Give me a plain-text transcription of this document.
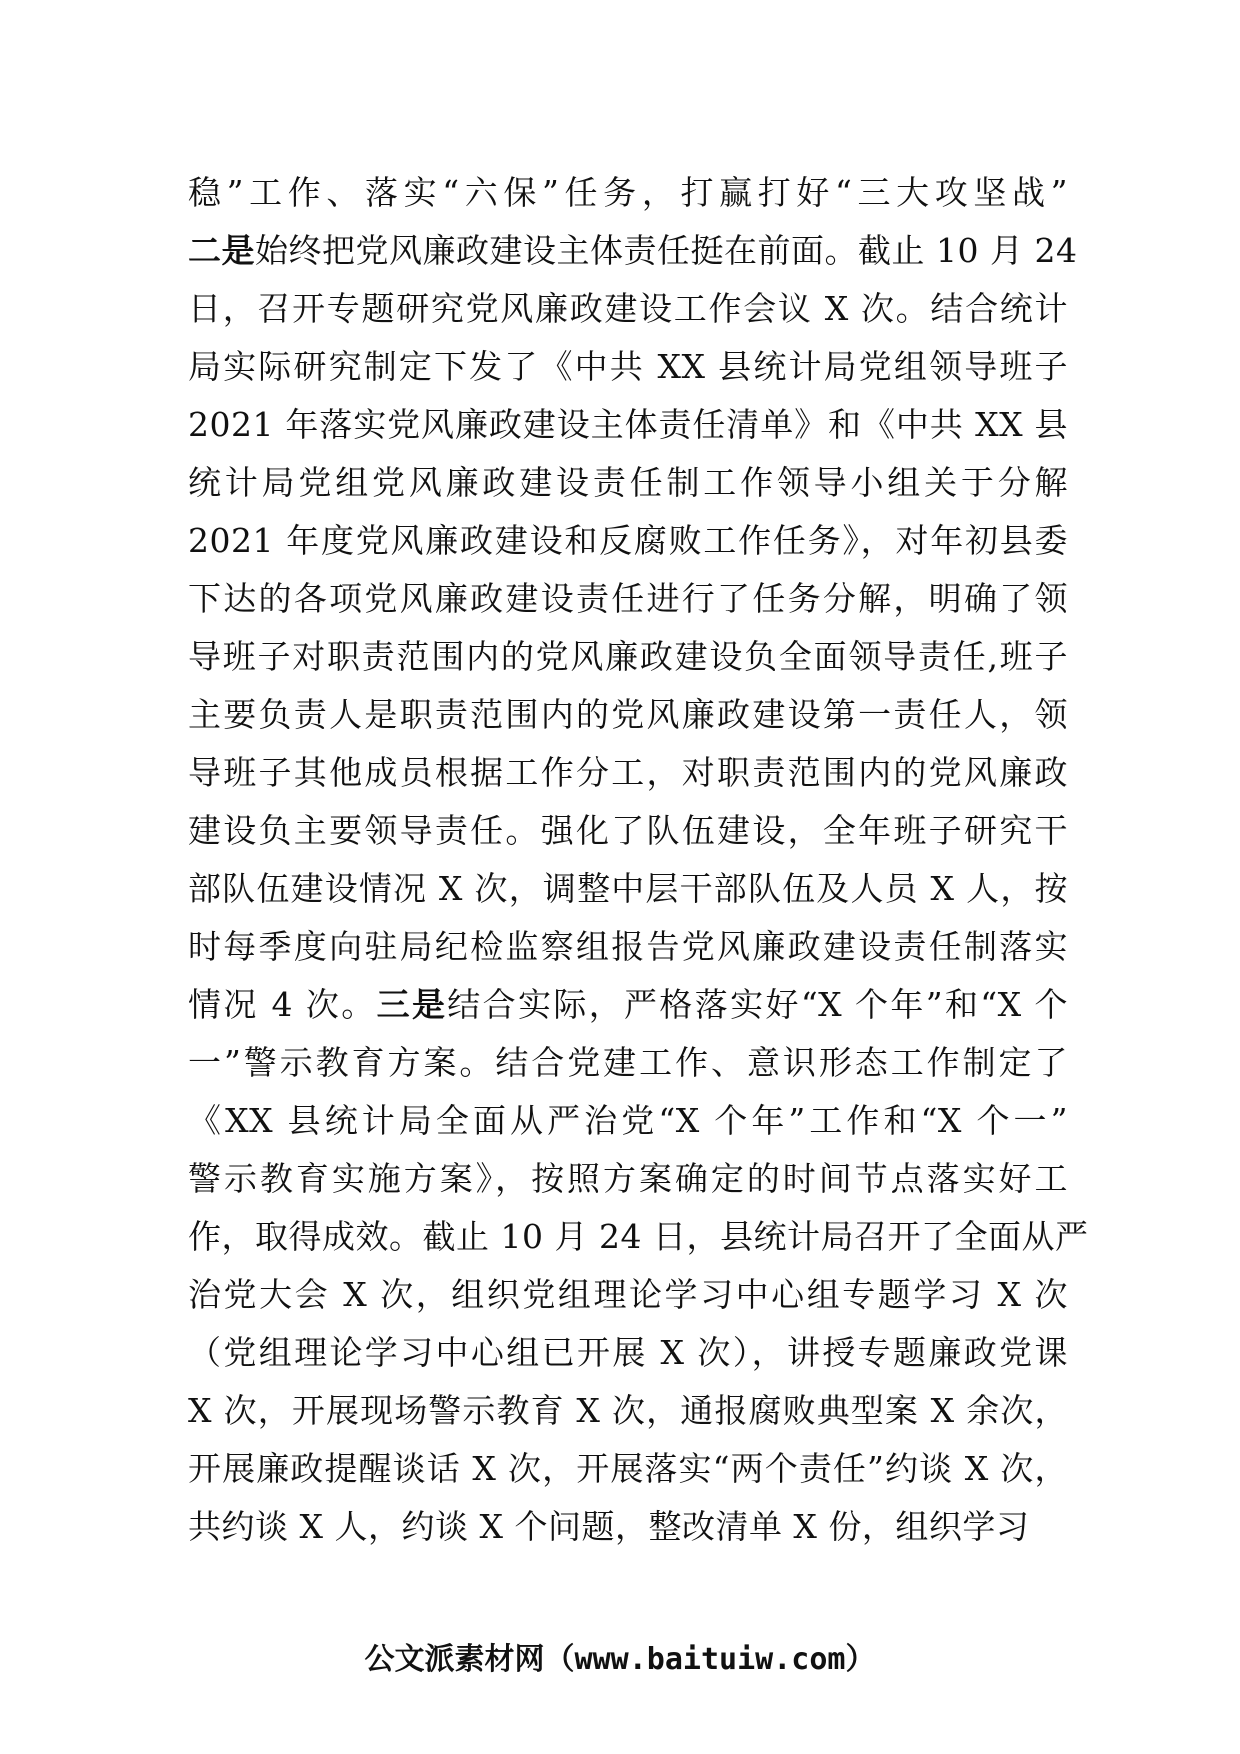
稳”工作、落实“六保”任务，打赢打好“三大攻坚战”
二是始终把党风廉政建设主体责任挺在前面。截止 10 月 24
日，召开专题研究党风廉政建设工作会议 X 次。结合统计
局实际研究制定下发了《中共 XX 县统计局党组领导班子
2021 年落实党风廉政建设主体责任清单》和《中共 XX 县
统计局党组党风廉政建设责任制工作领导小组关于分解
2021 年度党风廉政建设和反腐败工作任务》，对年初县委
下达的各项党风廉政建设责任进行了任务分解，明确了领
导班子对职责范围内的党风廉政建设负全面领导责任,班子
主要负责人是职责范围内的党风廉政建设第一责任人，领
导班子其他成员根据工作分工，对职责范围内的党风廉政
建设负主要领导责任。强化了队伍建设，全年班子研究干
部队伍建设情况 X 次，调整中层干部队伍及人员 X 人，按
时每季度向驻局纪检监察组报告党风廉政建设责任制落实
情况 4 次。三是结合实际，严格落实好“X 个年”和“X 个
一”警示教育方案。结合党建工作、意识形态工作制定了
《XX 县统计局全面从严治党“X 个年”工作和“X 个一”
警示教育实施方案》，按照方案确定的时间节点落实好工
作，取得成效。截止 10 月 24 日，县统计局召开了全面从严
治党大会 X 次，组织党组理论学习中心组专题学习 X 次
（党组理论学习中心组已开展 X 次），讲授专题廉政党课
X 次，开展现场警示教育 X 次，通报腐败典型案 X 余次，
开展廉政提醒谈话 X 次，开展落实“两个责任”约谈 X 次，
共约谈 X 人，约谈 X 个问题，整改清单 X 份，组织学习
公文派素材网（www.baituiw.com）
